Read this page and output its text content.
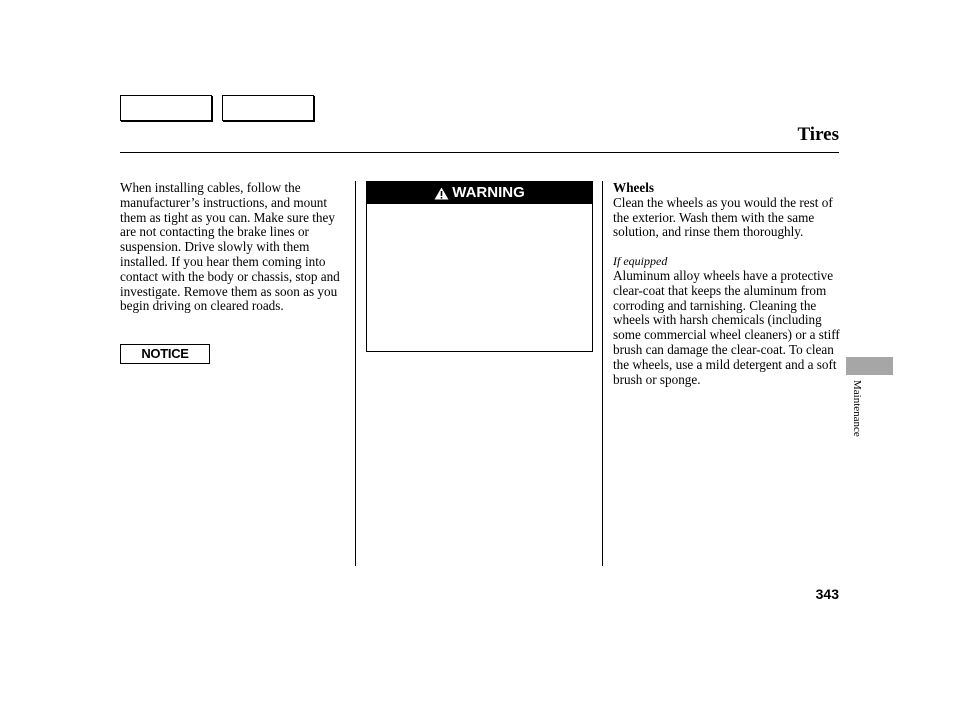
Tires

When installing cables, follow the manufacturer’s instructions, and mount them as tight as you can. Make sure they are not contacting the brake lines or suspension. Drive slowly with them installed. If you hear them coming into contact with the body or chassis, stop and investigate. Remove them as soon as you begin driving on cleared roads.

NOTICE
WARNING	Wheels

Clean the wheels as you would the rest of the exterior. Wash them with the same solution, and rinse them thoroughly.

If equipped

Aluminum alloy wheels have a protective clear-coat that keeps the aluminum from corroding and tarnishing. Cleaning the wheels with harsh chemicals (including some commercial wheel cleaners) or a stiff brush can damage the clear-coat. To clean the wheels, use a mild detergent and a soft brush or sponge.

Maintenance
343
